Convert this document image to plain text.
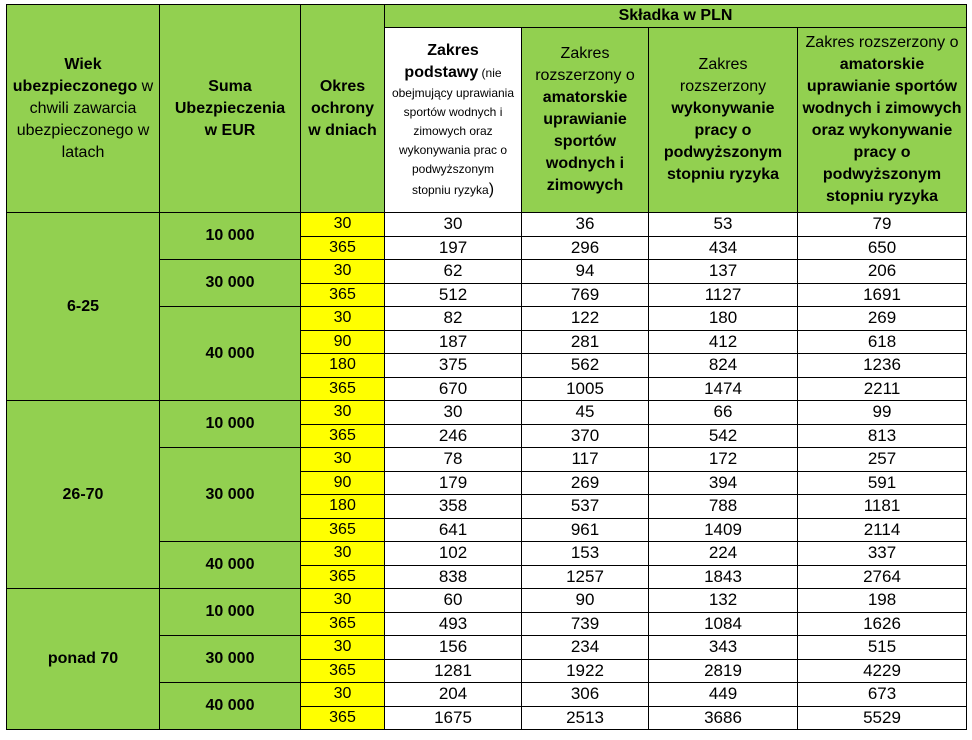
Wiek ubezpieczonego w chwili zawarcia ubezpieczonego w latach	Suma Ubezpieczenia w EUR	Okres ochrony w dniach	Składka w PLN			
			Zakres podstawy (nie obejmujący uprawiania sportów wodnych i zimowych oraz wykonywania prac o podwyższonym stopniu ryzyka)	Zakres rozszerzony o amatorskie uprawianie sportów wodnych i zimowych	Zakres rozszerzony wykonywanie pracy o podwyższonym stopniu ryzyka	Zakres rozszerzony o amatorskie uprawianie sportów wodnych i zimowych oraz wykonywanie pracy o podwyższonym stopniu ryzyka
6-25	10 000	30	30	36	53	79
		365	197	296	434	650
	30 000	30	62	94	137	206
		365	512	769	1127	1691
	40 000	30	82	122	180	269
		90	187	281	412	618
		180	375	562	824	1236
		365	670	1005	1474	2211
26-70	10 000	30	30	45	66	99
		365	246	370	542	813
	30 000	30	78	117	172	257
		90	179	269	394	591
		180	358	537	788	1181
		365	641	961	1409	2114
	40 000	30	102	153	224	337
		365	838	1257	1843	2764
ponad 70	10 000	30	60	90	132	198
		365	493	739	1084	1626
	30 000	30	156	234	343	515
		365	1281	1922	2819	4229
	40 000	30	204	306	449	673
		365	1675	2513	3686	5529
